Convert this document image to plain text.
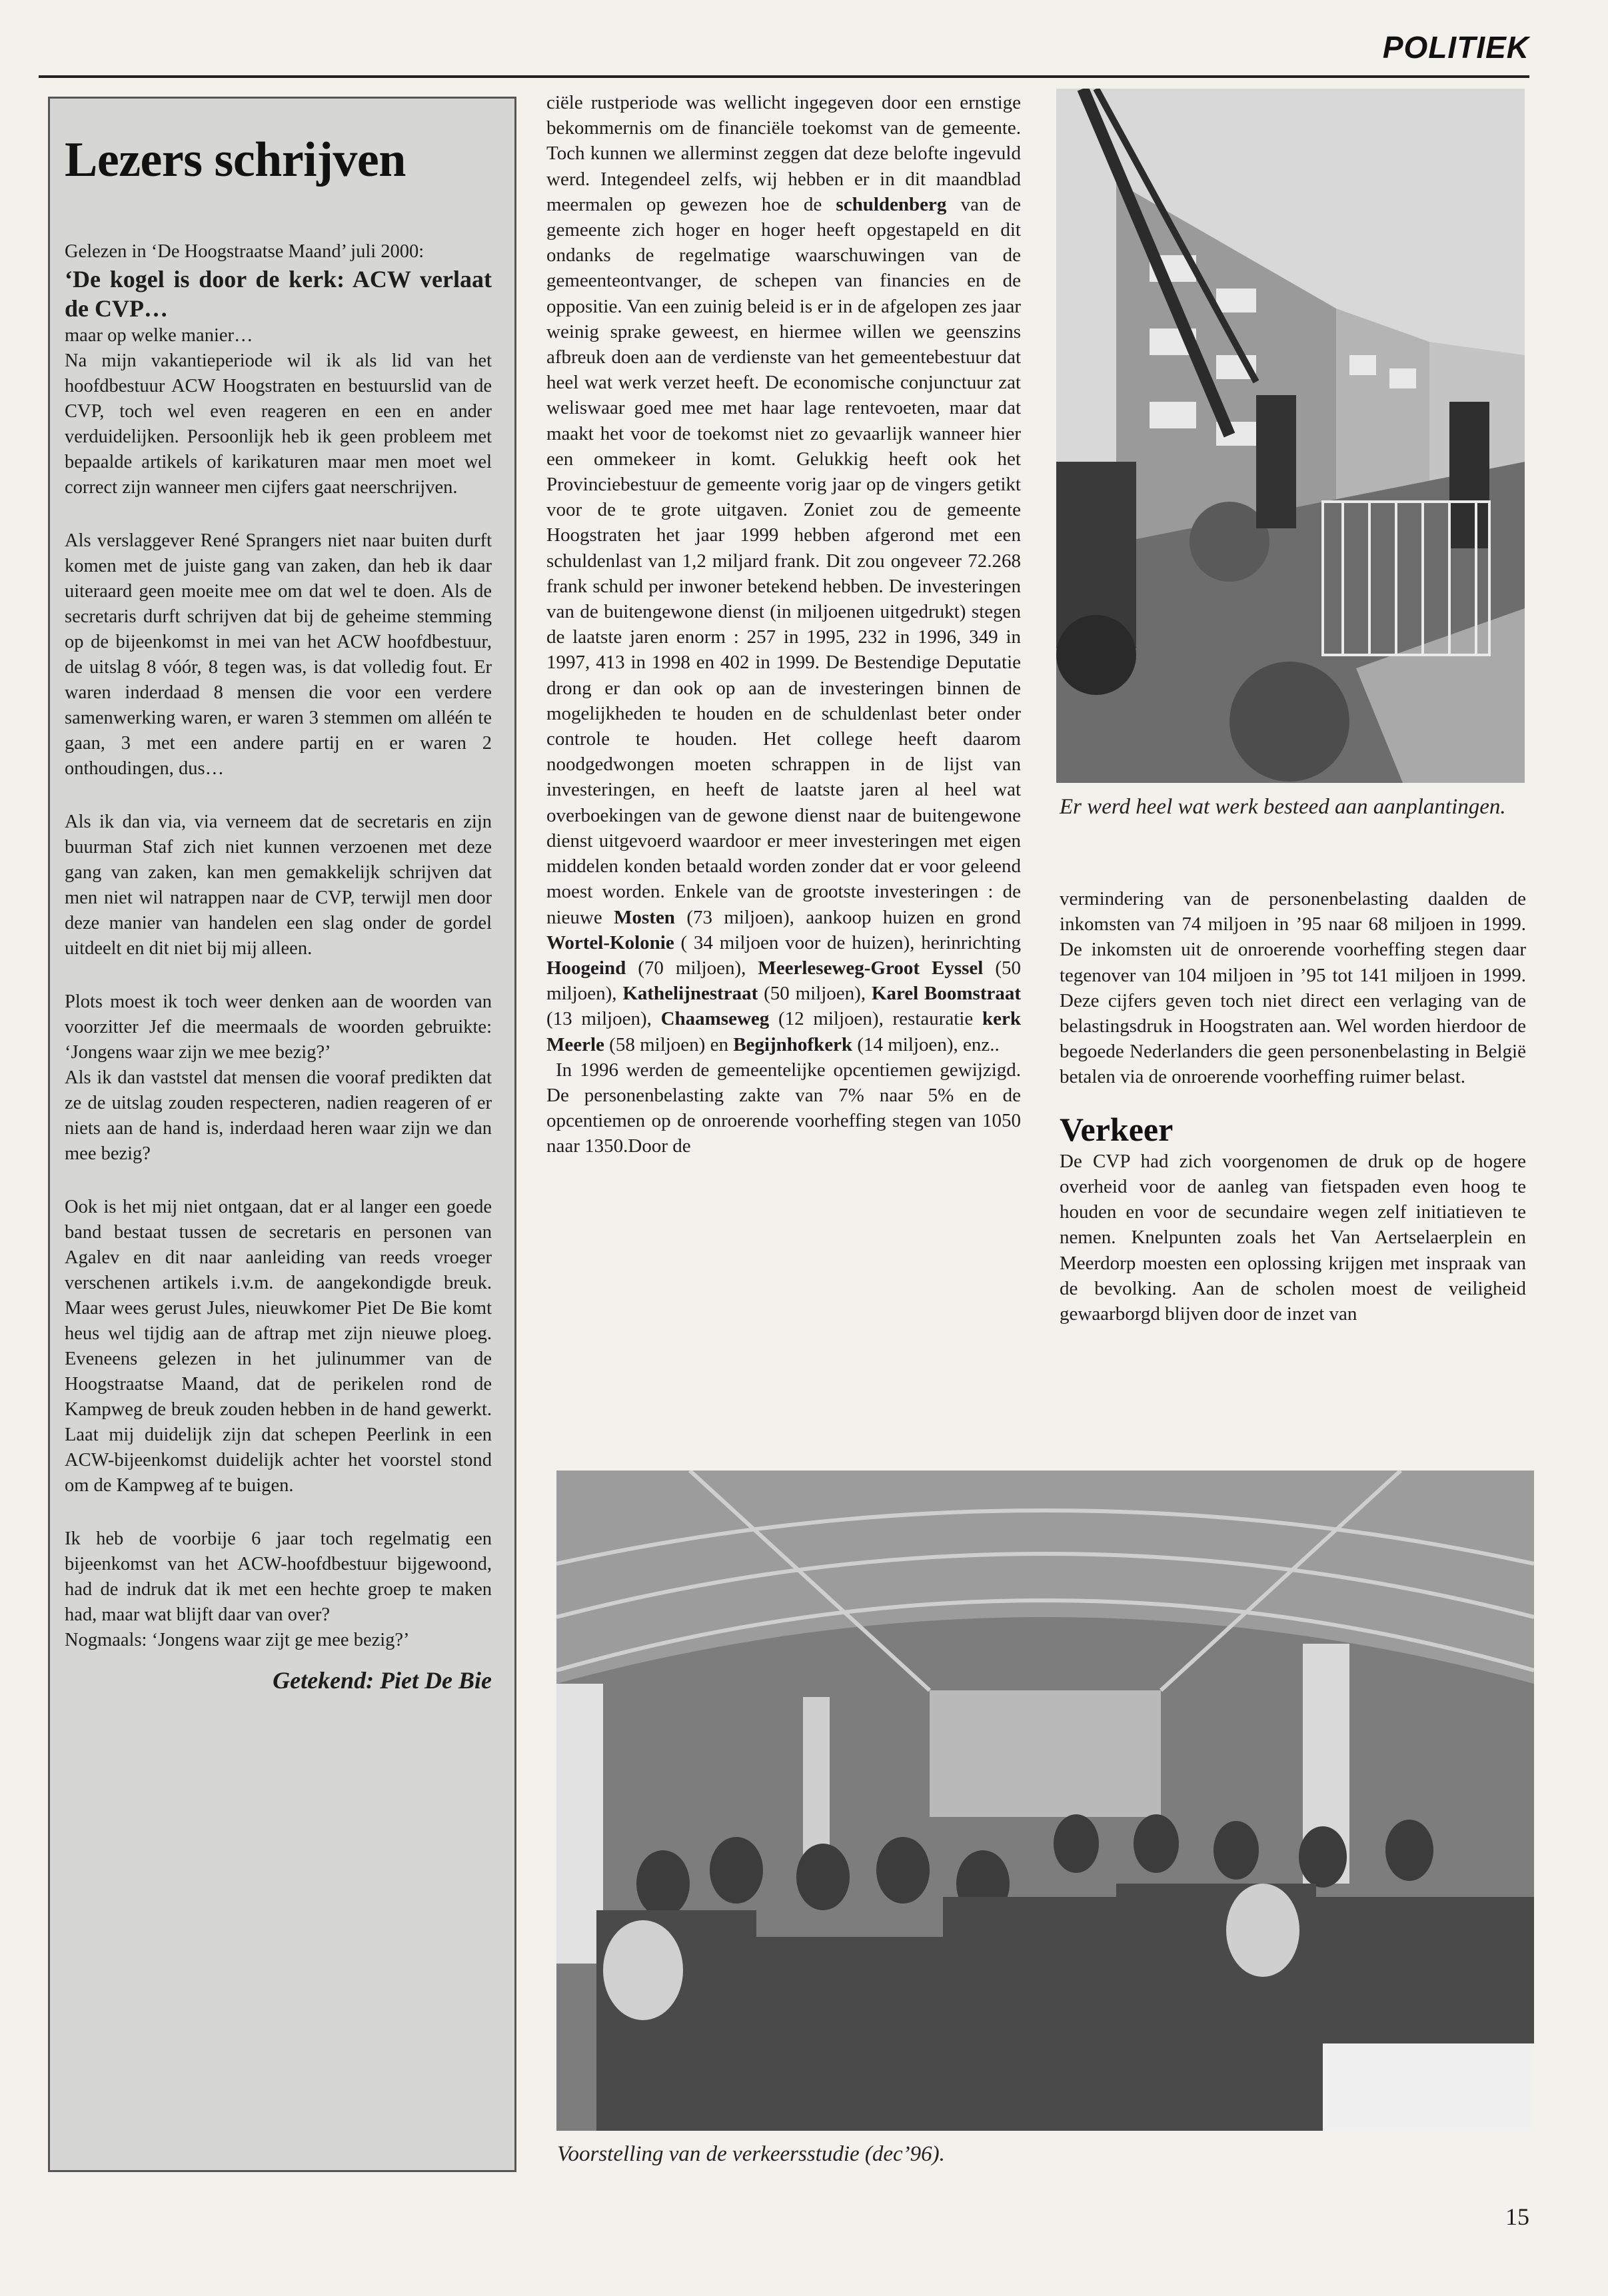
POLITIEK
Lezers schrijven

Gelezen in ‘De Hoogstraatse Maand’ juli 2000:
‘De kogel is door de kerk: ACW verlaat de CVP…
maar op welke manier…

Na mijn vakantieperiode wil ik als lid van het hoofdbestuur ACW Hoogstraten en bestuurslid van de CVP, toch wel even reageren en een en ander verduidelijken. Persoonlijk heb ik geen probleem met bepaalde artikels of karikaturen maar men moet wel correct zijn wanneer men cijfers gaat neerschrijven.

Als verslaggever René Sprangers niet naar buiten durft komen met de juiste gang van zaken, dan heb ik daar uiteraard geen moeite mee om dat wel te doen. Als de secretaris durft schrijven dat bij de geheime stemming op de bijeenkomst in mei van het ACW hoofdbestuur, de uitslag 8 vóór, 8 tegen was, is dat volledig fout. Er waren inderdaad 8 mensen die voor een verdere samenwerking waren, er waren 3 stemmen om alléén te gaan, 3 met een andere partij en er waren 2 onthoudingen, dus…

Als ik dan via, via verneem dat de secretaris en zijn buurman Staf zich niet kunnen verzoenen met deze gang van zaken, kan men gemakkelijk schrijven dat men niet wil natrappen naar de CVP, terwijl men door deze manier van handelen een slag onder de gordel uitdeelt en dit niet bij mij alleen.

Plots moest ik toch weer denken aan de woorden van voorzitter Jef die meermaals de woorden gebruikte: ‘Jongens waar zijn we mee bezig?’

Als ik dan vaststel dat mensen die vooraf predikten dat ze de uitslag zouden respecteren, nadien reageren of er niets aan de hand is, inderdaad heren waar zijn we dan mee bezig?

Ook is het mij niet ontgaan, dat er al langer een goede band bestaat tussen de secretaris en personen van Agalev en dit naar aanleiding van reeds vroeger verschenen artikels i.v.m. de aangekondigde breuk. Maar wees gerust Jules, nieuwkomer Piet De Bie komt heus wel tijdig aan de aftrap met zijn nieuwe ploeg. Eveneens gelezen in het julinummer van de Hoogstraatse Maand, dat de perikelen rond de Kampweg de breuk zouden hebben in de hand gewerkt. Laat mij duidelijk zijn dat schepen Peerlink in een ACW-bijeenkomst duidelijk achter het voorstel stond om de Kampweg af te buigen.

Ik heb de voorbije 6 jaar toch regelmatig een bijeenkomst van het ACW-hoofdbestuur bijgewoond, had de indruk dat ik met een hechte groep te maken had, maar wat blijft daar van over?

Nogmaals: ‘Jongens waar zijt ge mee bezig?’

Getekend: Piet De Bie

ciële rustperiode was wellicht ingegeven door een ernstige bekommernis om de financiële toekomst van de gemeente. Toch kunnen we allerminst zeggen dat deze belofte ingevuld werd. Integendeel zelfs, wij hebben er in dit maandblad meermalen op gewezen hoe de schuldenberg van de gemeente zich hoger en hoger heeft opgestapeld en dit ondanks de regelmatige waarschuwingen van de gemeenteontvanger, de schepen van financies en de oppositie. Van een zuinig beleid is er in de afgelopen zes jaar weinig sprake geweest, en hiermee willen we geenszins afbreuk doen aan de verdienste van het gemeentebestuur dat heel wat werk verzet heeft. De economische conjunctuur zat weliswaar goed mee met haar lage rentevoeten, maar dat maakt het voor de toekomst niet zo gevaarlijk wanneer hier een ommekeer in komt. Gelukkig heeft ook het Provinciebestuur de gemeente vorig jaar op de vingers getikt voor de te grote uitgaven. Zoniet zou de gemeente Hoogstraten het jaar 1999 hebben afgerond met een schuldenlast van 1,2 miljard frank. Dit zou ongeveer 72.268 frank schuld per inwoner betekend hebben. De investeringen van de buitengewone dienst (in miljoenen uitgedrukt) stegen de laatste jaren enorm : 257 in 1995, 232 in 1996, 349 in 1997, 413 in 1998 en 402 in 1999. De Bestendige Deputatie drong er dan ook op aan de investeringen binnen de mogelijkheden te houden en de schuldenlast beter onder controle te houden. Het college heeft daarom noodgedwongen moeten schrappen in de lijst van investeringen, en heeft de laatste jaren al heel wat overboekingen van de gewone dienst naar de buitengewone dienst uitgevoerd waardoor er meer investeringen met eigen middelen konden betaald worden zonder dat er voor geleend moest worden. Enkele van de grootste investeringen : de nieuwe Mosten (73 miljoen), aankoop huizen en grond Wortel-Kolonie ( 34 miljoen voor de huizen), herinrichting Hoogeind (70 miljoen), Meerleseweg-Groot Eyssel (50 miljoen), Kathelijnestraat (50 miljoen), Karel Boomstraat (13 miljoen), Chaamseweg (12 miljoen), restauratie kerk Meerle (58 miljoen) en Begijnhofkerk (14 miljoen), enz..

In 1996 werden de gemeentelijke opcentiemen gewijzigd. De personenbelasting zakte van 7% naar 5% en de opcentiemen op de onroerende voorheffing stegen van 1050 naar 1350.Door de

Er werd heel wat werk besteed aan aanplantingen.

vermindering van de personenbelasting daalden de inkomsten van 74 miljoen in ’95 naar 68 miljoen in 1999. De inkomsten uit de onroerende voorheffing stegen daar tegenover van 104 miljoen in ’95 tot 141 miljoen in 1999. Deze cijfers geven toch niet direct een verlaging van de belastingsdruk in Hoogstraten aan. Wel worden hierdoor de begoede Nederlanders die geen personenbelasting in België betalen via de onroerende voorheffing ruimer belast.

Verkeer

De CVP had zich voorgenomen de druk op de hogere overheid voor de aanleg van fietspaden even hoog te houden en voor de secundaire wegen zelf initiatieven te nemen. Knelpunten zoals het Van Aertselaerplein en Meerdorp moesten een oplossing krijgen met inspraak van de bevolking. Aan de scholen moest de veiligheid gewaarborgd blijven door de inzet van

Voorstelling van de verkeersstudie (dec’96).
15
